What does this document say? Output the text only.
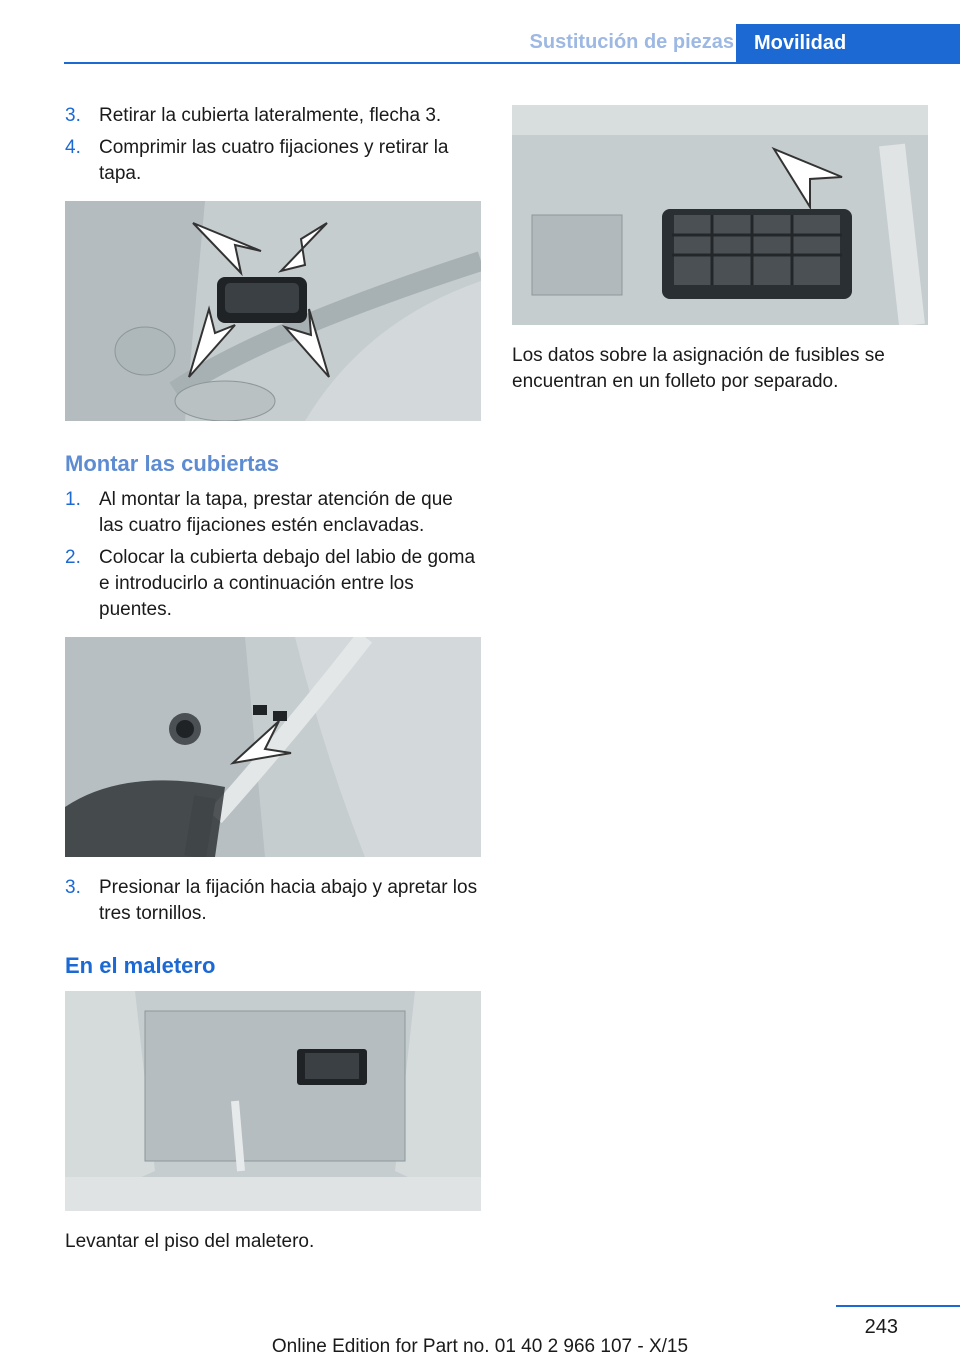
Sustitución de piezas	Movilidad
3. Retirar la cubierta lateralmente, flecha 3.
4. Comprimir las cuatro fijaciones y retirar la tapa.
Montar las cubiertas
1. Al montar la tapa, prestar atención de que las cuatro fijaciones estén enclavadas.
2. Colocar la cubierta debajo del labio de goma e introducirlo a continuación entre los puentes.
3. Presionar la fijación hacia abajo y apretar los tres tornillos.
En el maletero

Levantar el piso del maletero.

Los datos sobre la asignación de fusibles se encuentran en un folleto por separado.

243
Online Edition for Part no. 01 40 2 966 107 - X/15
